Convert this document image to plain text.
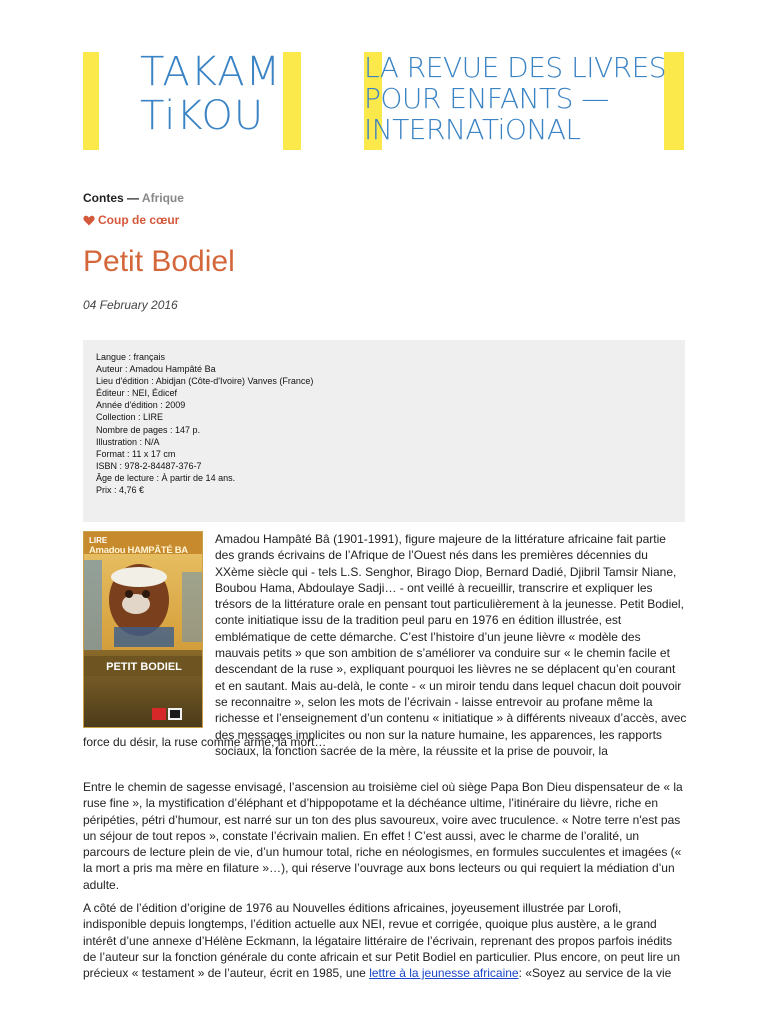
TAKAM
TiKOU
LA REVUE DES LIVRES
POUR ENFANTS —
INTERNATiONAL
Contes — Afrique
Coup de cœur
Petit Bodiel
04 February 2016
Langue : français
Auteur : Amadou Hampâté Ba
Lieu d'édition : Abidjan (Côte-d'Ivoire) Vanves (France)
Éditeur : NEI, Édicef
Année d'édition : 2009
Collection : LIRE
Nombre de pages : 147 p.
Illustration : N/A
Format : 11 x 17 cm
ISBN : 978-2-84487-376-7
Âge de lecture : À partir de 14 ans.
Prix : 4,76 €
LIRE
Amadou HAMPÂTÉ BA
PETIT BODIEL

Amadou Hampâté Bâ (1901-1991), figure majeure de la littérature africaine fait partie des grands écrivains de l’Afrique de l’Ouest nés dans les premières décennies du XXème siècle qui - tels L.S. Senghor, Birago Diop, Bernard Dadié, Djibril Tamsir Niane, Boubou Hama, Abdoulaye Sadji… - ont veillé à recueillir, transcrire et expliquer les trésors de la littérature orale en pensant tout particulièrement à la jeunesse. Petit Bodiel, conte initiatique issu de la tradition peul paru en 1976 en édition illustrée, est emblématique de cette démarche. C’est l’histoire d’un jeune lièvre « modèle des mauvais petits » que son ambition de s’améliorer va conduire sur « le chemin facile et descendant de la ruse », expliquant pourquoi les lièvres ne se déplacent qu’en courant et en sautant. Mais au-delà, le conte - « un miroir tendu dans lequel chacun doit pouvoir se reconnaitre », selon les mots de l’écrivain - laisse entrevoir au profane même la richesse et l’enseignement d’un contenu « initiatique » à différents niveaux d’accès, avec des messages implicites ou non sur la nature humaine, les apparences, les rapports sociaux, la fonction sacrée de la mère, la réussite et la prise de pouvoir, la

force du désir, la ruse comme arme, la mort…

Entre le chemin de sagesse envisagé, l’ascension au troisième ciel où siège Papa Bon Dieu dispensateur de « la ruse fine », la mystification d’éléphant et d’hippopotame et la déchéance ultime, l’itinéraire du lièvre, riche en péripéties, pétri d’humour, est narré sur un ton des plus savoureux, voire avec truculence. « Notre terre n'est pas un séjour de tout repos », constate l’écrivain malien. En effet ! C’est aussi, avec le charme de l’oralité, un parcours de lecture plein de vie, d’un humour total, riche en néologismes, en formules succulentes et imagées (« la mort a pris ma mère en filature »…), qui réserve l’ouvrage aux bons lecteurs ou qui requiert la médiation d’un adulte.

A côté de l’édition d’origine de 1976 au Nouvelles éditions africaines, joyeusement illustrée par Lorofi, indisponible depuis longtemps, l’édition actuelle aux NEI, revue et corrigée, quoique plus austère, a le grand intérêt d’une annexe d’Hélène Eckmann, la légataire littéraire de l’écrivain, reprenant des propos parfois inédits de l’auteur sur la fonction générale du conte africain et sur Petit Bodiel en particulier. Plus encore, on peut lire un précieux « testament » de l’auteur, écrit en 1985, une lettre à la jeunesse africaine: «Soyez au service de la vie
